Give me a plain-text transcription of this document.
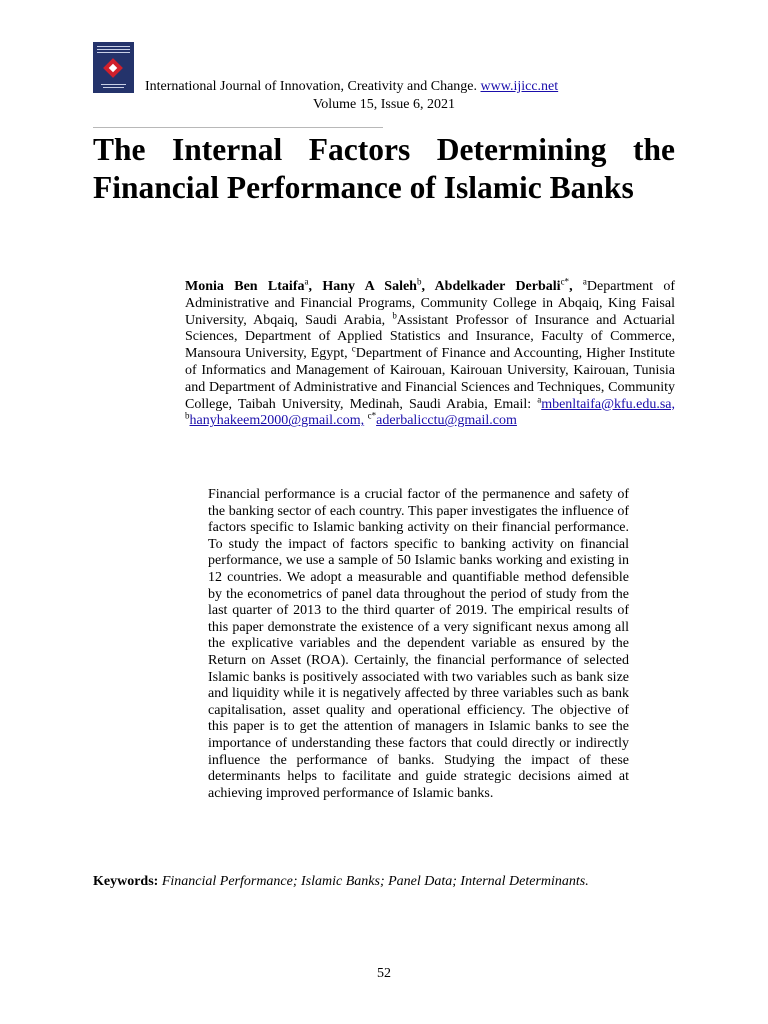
International Journal of Innovation, Creativity and Change. www.ijicc.net
Volume 15, Issue 6, 2021
The Internal Factors Determining the Financial Performance of Islamic Banks

Monia Ben Ltaifa$^a$, Hany A Saleh$^b$, Abdelkader Derbali$^{c*}$, $^a$Department of Administrative and Financial Programs, Community College in Abqaiq, King Faisal University, Abqaiq, Saudi Arabia, $^b$Assistant Professor of Insurance and Actuarial Sciences, Department of Applied Statistics and Insurance, Faculty of Commerce, Mansoura University, Egypt, $^c$Department of Finance and Accounting, Higher Institute of Informatics and Management of Kairouan, Kairouan University, Kairouan, Tunisia and Department of Administrative and Financial Sciences and Techniques, Community College, Taibah University, Medinah, Saudi Arabia, Email: $^a$mbenltaifa@kfu.edu.sa, $^b$hanyhakeem2000@gmail.com, $^{c*}$aderbalicctu@gmail.com

Financial performance is a crucial factor of the permanence and safety of the banking sector of each country. This paper investigates the influence of factors specific to Islamic banking activity on their financial performance. To study the impact of factors specific to banking activity on financial performance, we use a sample of 50 Islamic banks working and existing in 12 countries. We adopt a measurable and quantifiable method defensible by the econometrics of panel data throughout the period of study from the last quarter of 2013 to the third quarter of 2019. The empirical results of this paper demonstrate the existence of a very significant nexus among all the explicative variables and the dependent variable as ensured by the Return on Asset (ROA). Certainly, the financial performance of selected Islamic banks is positively associated with two variables such as bank size and liquidity while it is negatively affected by three variables such as bank capitalisation, asset quality and operational efficiency. The objective of this paper is to get the attention of managers in Islamic banks to see the importance of understanding these factors that could directly or indirectly influence the performance of banks. Studying the impact of these determinants helps to facilitate and guide strategic decisions aimed at achieving improved performance of Islamic banks.

Keywords: Financial Performance; Islamic Banks; Panel Data; Internal Determinants.

52
